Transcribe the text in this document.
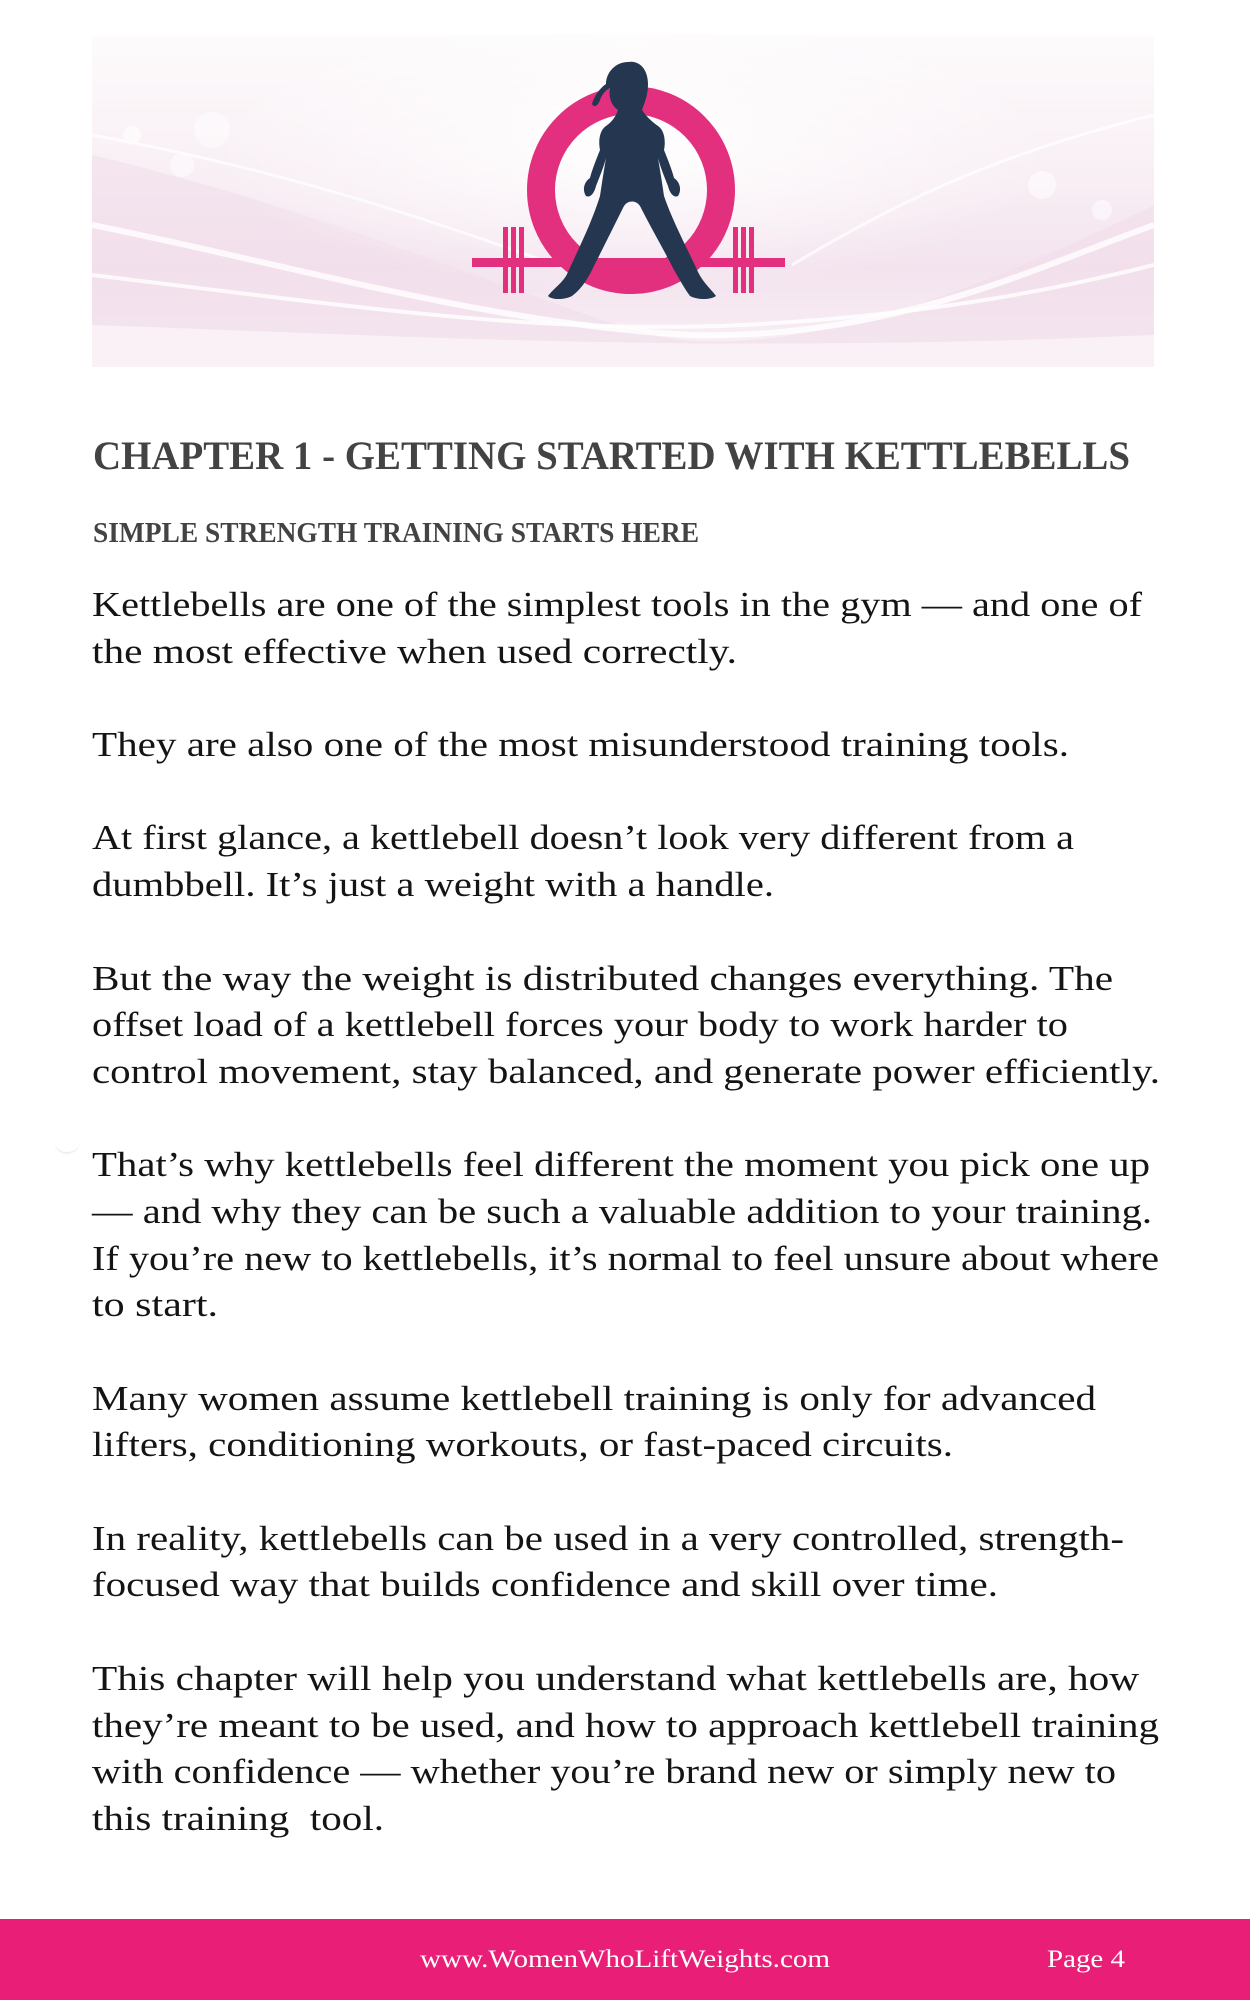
CHAPTER 1 - GETTING STARTED WITH KETTLEBELLS
SIMPLE STRENGTH TRAINING STARTS HERE
Kettlebells are one of the simplest tools in the gym — and one of
the most effective when used correctly.
They are also one of the most misunderstood training tools.
At first glance, a kettlebell doesn’t look very different from a
dumbbell. It’s just a weight with a handle.
But the way the weight is distributed changes everything. The
offset load of a kettlebell forces your body to work harder to
control movement, stay balanced, and generate power efficiently.
That’s why kettlebells feel different the moment you pick one up
— and why they can be such a valuable addition to your training.
If you’re new to kettlebells, it’s normal to feel unsure about where
to start.
Many women assume kettlebell training is only for advanced
lifters, conditioning workouts, or fast-paced circuits.
In reality, kettlebells can be used in a very controlled, strength-
focused way that builds confidence and skill over time.
This chapter will help you understand what kettlebells are, how
they’re meant to be used, and how to approach kettlebell training
with confidence — whether you’re brand new or simply new to
this training  tool.
www.WomenWhoLiftWeights.com	Page 4
